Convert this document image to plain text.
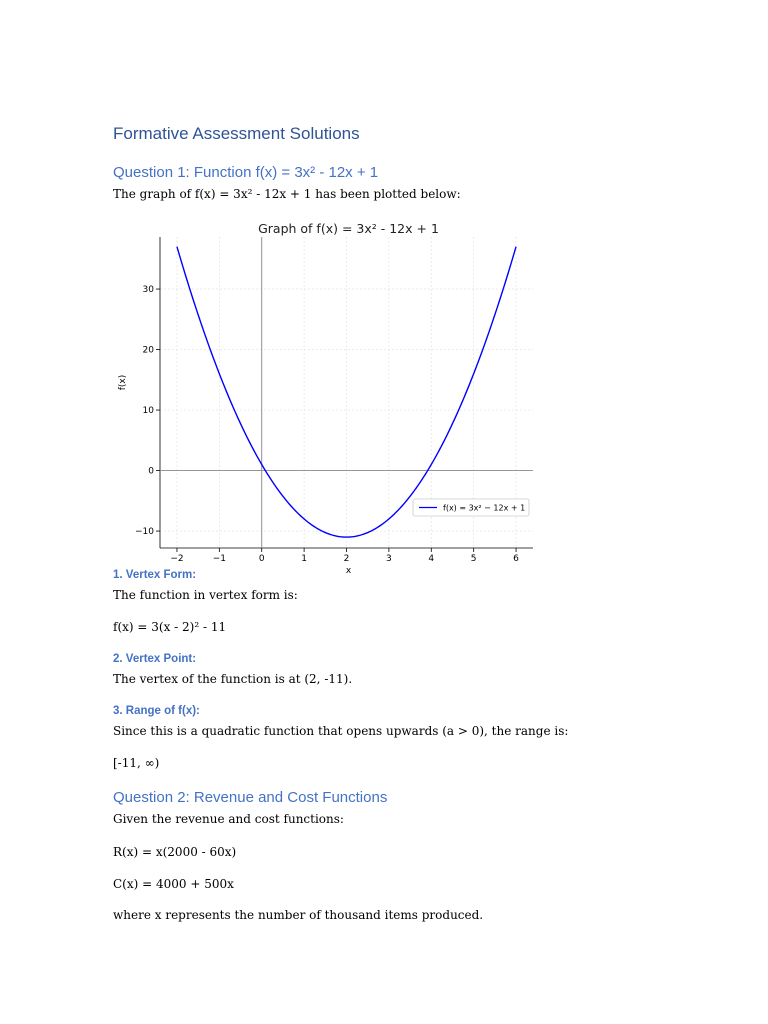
Formative Assessment Solutions
Question 1: Function f(x) = 3x² - 12x + 1
The graph of f(x) = 3x² - 12x + 1 has been plotted below:
−2	−1	0	1	2	3	4	5	6
−10
0
10
20
30
Graph of f(x) = 3x² - 12x + 1
x
f(x)
f(x) = 3x² − 12x + 1
1. Vertex Form:
The function in vertex form is:
f(x) = 3(x - 2)² - 11
2. Vertex Point:
The vertex of the function is at (2, -11).
3. Range of f(x):
Since this is a quadratic function that opens upwards (a > 0), the range is:
[-11, ∞)
Question 2: Revenue and Cost Functions
Given the revenue and cost functions:
R(x) = x(2000 - 60x)
C(x) = 4000 + 500x
where x represents the number of thousand items produced.
